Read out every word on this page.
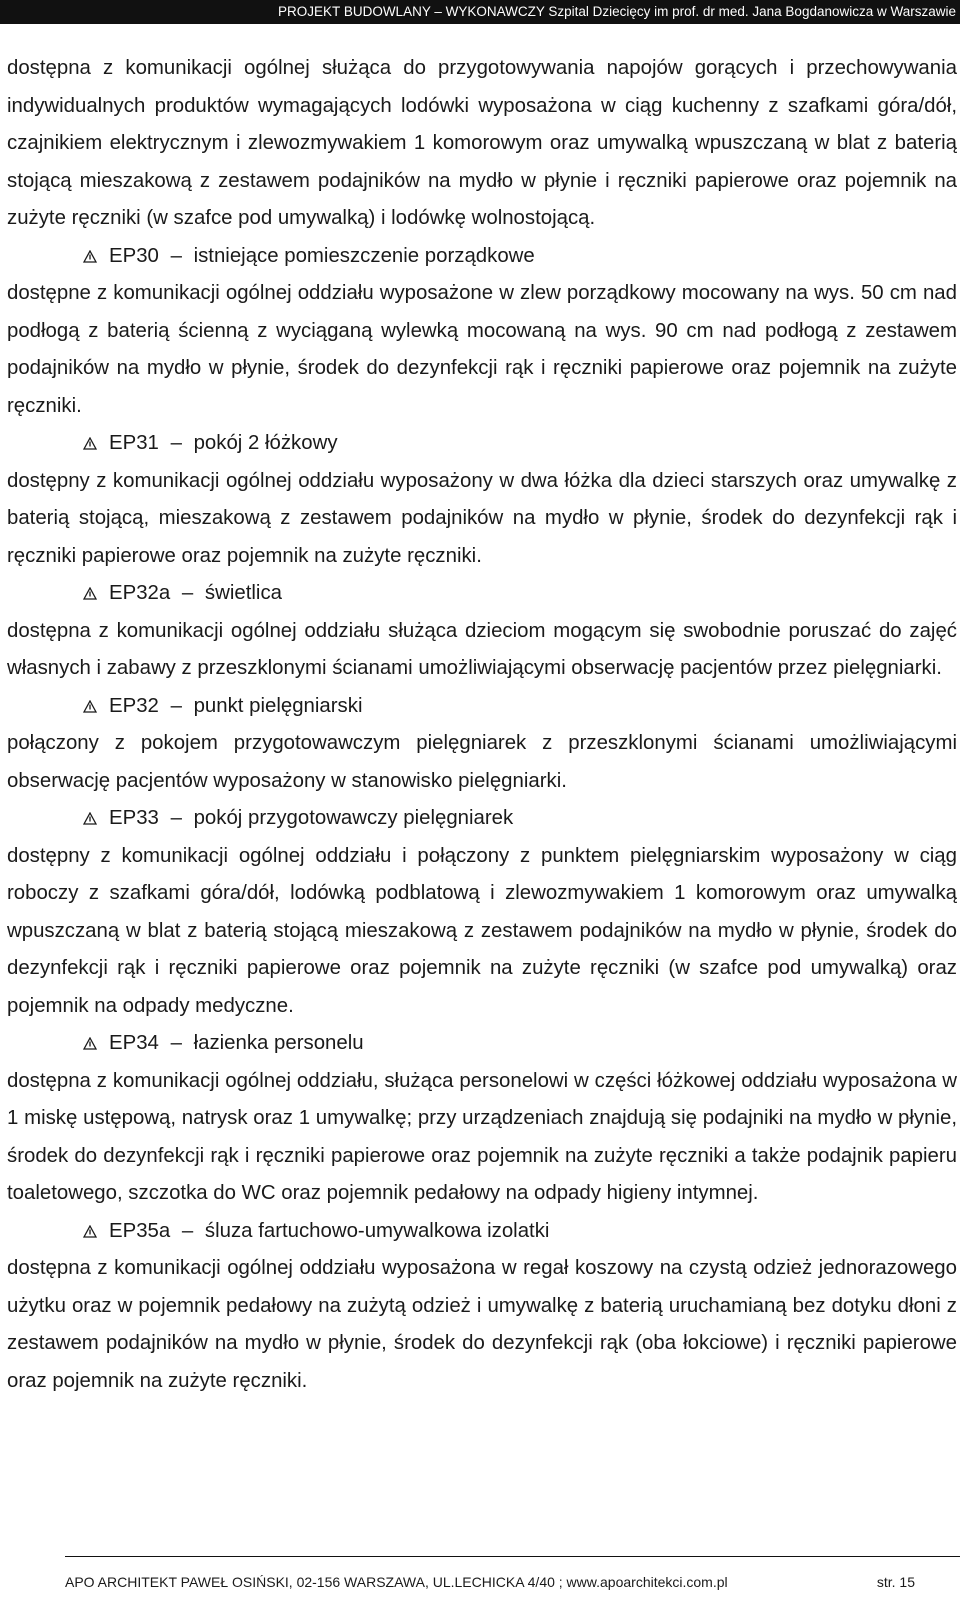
PROJEKT BUDOWLANY – WYKONAWCZY Szpital Dziecięcy im prof. dr med. Jana Bogdanowicza w Warszawie

dostępna z komunikacji ogólnej służąca do przygotowywania napojów gorących i przechowywania indywidualnych produktów wymagających lodówki wyposażona w ciąg kuchenny z szafkami góra/dół, czajnikiem elektrycznym i zlewozmywakiem 1 komorowym oraz umywalką wpuszczaną w blat z baterią stojącą mieszakową z zestawem podajników na mydło w płynie i ręczniki papierowe oraz pojemnik na zużyte ręczniki (w szafce pod umywalką) i lodówkę wolnostojącą.

EP30 – istniejące pomieszczenie porządkowe

dostępne z komunikacji ogólnej oddziału wyposażone w zlew porządkowy mocowany na wys. 50 cm nad podłogą z baterią ścienną z wyciąganą wylewką mocowaną na wys. 90 cm nad podłogą z zestawem podajników na mydło w płynie, środek do dezynfekcji rąk i ręczniki papierowe oraz pojemnik na zużyte ręczniki.

EP31 – pokój 2 łóżkowy

dostępny z komunikacji ogólnej oddziału wyposażony w dwa łóżka dla dzieci starszych oraz umywalkę z baterią stojącą, mieszakową z zestawem podajników na mydło w płynie, środek do dezynfekcji rąk i ręczniki papierowe oraz pojemnik na zużyte ręczniki.

EP32a – świetlica

dostępna z komunikacji ogólnej oddziału służąca dzieciom mogącym się swobodnie poruszać do zajęć własnych i zabawy z przeszklonymi ścianami umożliwiającymi obserwację pacjentów przez pielęgniarki.

EP32 – punkt pielęgniarski

połączony z pokojem przygotowawczym pielęgniarek z przeszklonymi ścianami umożliwiającymi obserwację pacjentów wyposażony w stanowisko pielęgniarki.

EP33 – pokój przygotowawczy pielęgniarek

dostępny z komunikacji ogólnej oddziału i połączony z punktem pielęgniarskim wyposażony w ciąg roboczy z szafkami góra/dół, lodówką podblatową i zlewozmywakiem 1 komorowym oraz umywalką wpuszczaną w blat z baterią stojącą mieszakową z zestawem podajników na mydło w płynie, środek do dezynfekcji rąk i ręczniki papierowe oraz pojemnik na zużyte ręczniki (w szafce pod umywalką) oraz pojemnik na odpady medyczne.

EP34 – łazienka personelu

dostępna z komunikacji ogólnej oddziału, służąca personelowi w części łóżkowej oddziału wyposażona w 1 miskę ustępową, natrysk oraz 1 umywalkę; przy urządzeniach znajdują się podajniki na mydło w płynie, środek do dezynfekcji rąk i ręczniki papierowe oraz pojemnik na zużyte ręczniki a także podajnik papieru toaletowego, szczotka do WC oraz pojemnik pedałowy na odpady higieny intymnej.

EP35a – śluza fartuchowo-umywalkowa izolatki

dostępna z komunikacji ogólnej oddziału wyposażona w regał koszowy na czystą odzież jednorazowego użytku oraz w pojemnik pedałowy na zużytą odzież i umywalkę z baterią uruchamianą bez dotyku dłoni z zestawem podajników na mydło w płynie, środek do dezynfekcji rąk (oba łokciowe) i ręczniki papierowe oraz pojemnik na zużyte ręczniki.

APO ARCHITEKT PAWEŁ OSIŃSKI, 02-156 WARSZAWA, UL.LECHICKA 4/40 ; www.apoarchitekci.com.pl	str. 15
